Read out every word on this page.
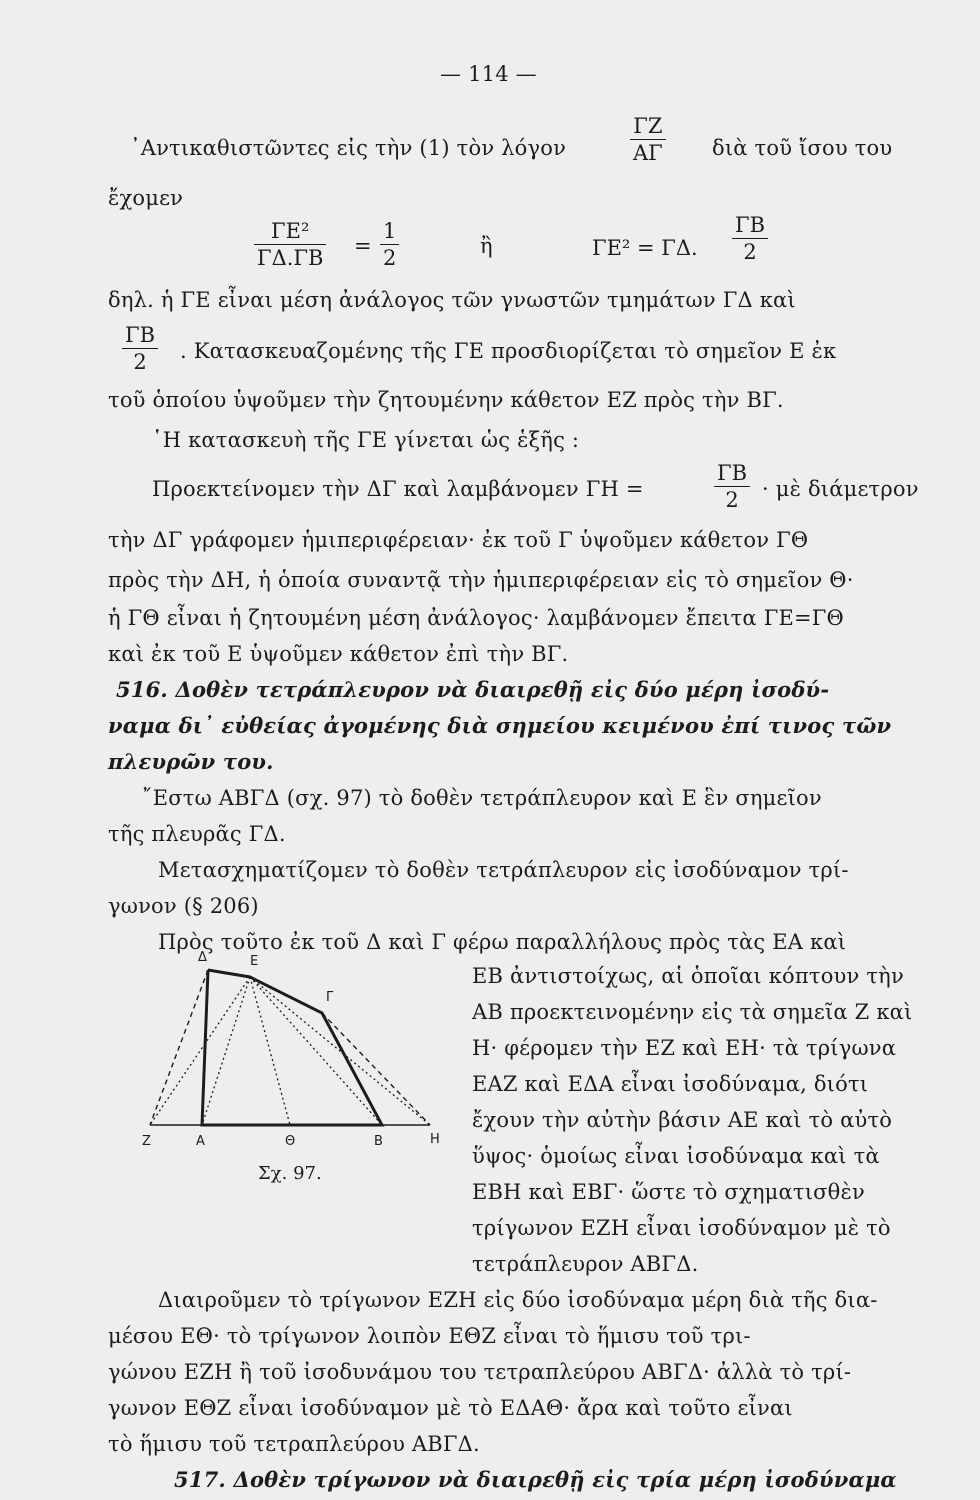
— 114 —
᾿Αντικαθιστῶντες εἰς τὴν (1) τὸν λόγον	$\frac{\Gamma Z}{A\Gamma}$ διὰ τοῦ ἴσου του
ἔχομεν
$\frac{\text{ΓΕ²}}{\Gamma\Delta.\Gamma B} = \frac{1}{2}$	ἢ	ΓΕ² = ΓΔ. $\frac{\Gamma B}{2}$
δηλ. ἡ ΓΕ εἶναι μέση ἀνάλογος τῶν γνωστῶν τμημάτων ΓΔ καὶ
$\frac{\Gamma B}{2}$ . Κατασκευαζομένης τῆς ΓΕ προσδιορίζεται τὸ σημεῖον Ε ἐκ
τοῦ ὁποίου ὑψοῦμεν τὴν ζητουμένην κάθετον ΕΖ πρὸς τὴν ΒΓ.
῾Η κατασκευὴ τῆς ΓΕ γίνεται ὡς ἑξῆς :
Προεκτείνομεν τὴν ΔΓ καὶ λαμβάνομεν ΓΗ =	$\frac{\Gamma B}{2}$ · μὲ διάμετρον
τὴν ΔΓ γράφομεν ἡμιπεριφέρειαν· ἐκ τοῦ Γ ὑψοῦμεν κάθετον ΓΘ
πρὸς τὴν ΔΗ, ἡ ὁποία συναντᾷ τὴν ἡμιπεριφέρειαν εἰς τὸ σημεῖον Θ·
ἡ ΓΘ εἶναι ἡ ζητουμένη μέση ἀνάλογος· λαμβάνομεν ἔπειτα ΓΕ=ΓΘ
καὶ ἐκ τοῦ Ε ὑψοῦμεν κάθετον ἐπὶ τὴν ΒΓ.
516. Δοθὲν τετράπλευρον νὰ διαιρεθῇ εἰς δύο μέρη ἰσοδύ-
ναμα δι᾿ εὐθείας ἀγομένης διὰ σημείου κειμένου ἐπί τινος τῶν
πλευρῶν του.
῎Εστω ΑΒΓΔ (σχ. 97) τὸ δοθὲν τετράπλευρον καὶ Ε ἓν σημεῖον
τῆς πλευρᾶς ΓΔ.
Μετασχηματίζομεν τὸ δοθὲν τετράπλευρον εἰς ἰσοδύναμον τρί-
γωνον (§ 206)
Πρὸς τοῦτο ἐκ τοῦ Δ καὶ Γ φέρω παραλλήλους πρὸς τὰς ΕΑ καὶ
ΕΒ ἀντιστοίχως, αἱ ὁποῖαι κόπτουν τὴν
ΑΒ προεκτεινομένην εἰς τὰ σημεῖα Ζ καὶ
Η· φέρομεν τὴν ΕΖ καὶ ΕΗ· τὰ τρίγωνα
ΕΑΖ καὶ ΕΔΑ εἶναι ἰσοδύναμα, διότι
ἔχουν τὴν αὐτὴν βάσιν ΑΕ καὶ τὸ αὐτὸ
ὕψος· ὁμοίως εἶναι ἰσοδύναμα καὶ τὰ
ΕΒΗ καὶ ΕΒΓ· ὥστε τὸ σχηματισθὲν
τρίγωνον ΕΖΗ εἶναι ἰσοδύναμον μὲ τὸ
τετράπλευρον ΑΒΓΔ.
Δ	Ε
Γ
Ζ	Α	Θ	Β	Η
Σχ. 97.
Διαιροῦμεν τὸ τρίγωνον ΕΖΗ εἰς δύο ἰσοδύναμα μέρη διὰ τῆς δια-
μέσου ΕΘ· τὸ τρίγωνον λοιπὸν ΕΘΖ εἶναι τὸ ἥμισυ τοῦ τρι-
γώνου ΕΖΗ ἢ τοῦ ἰσοδυνάμου του τετραπλεύρου ΑΒΓΔ· ἀλλὰ τὸ τρί-
γωνον ΕΘΖ εἶναι ἰσοδύναμον μὲ τὸ ΕΔΑΘ· ἄρα καὶ τοῦτο εἶναι
τὸ ἥμισυ τοῦ τετραπλεύρου ΑΒΓΔ.
517. Δοθὲν τρίγωνον νὰ διαιρεθῇ εἰς τρία μέρη ἰσοδύναμα
